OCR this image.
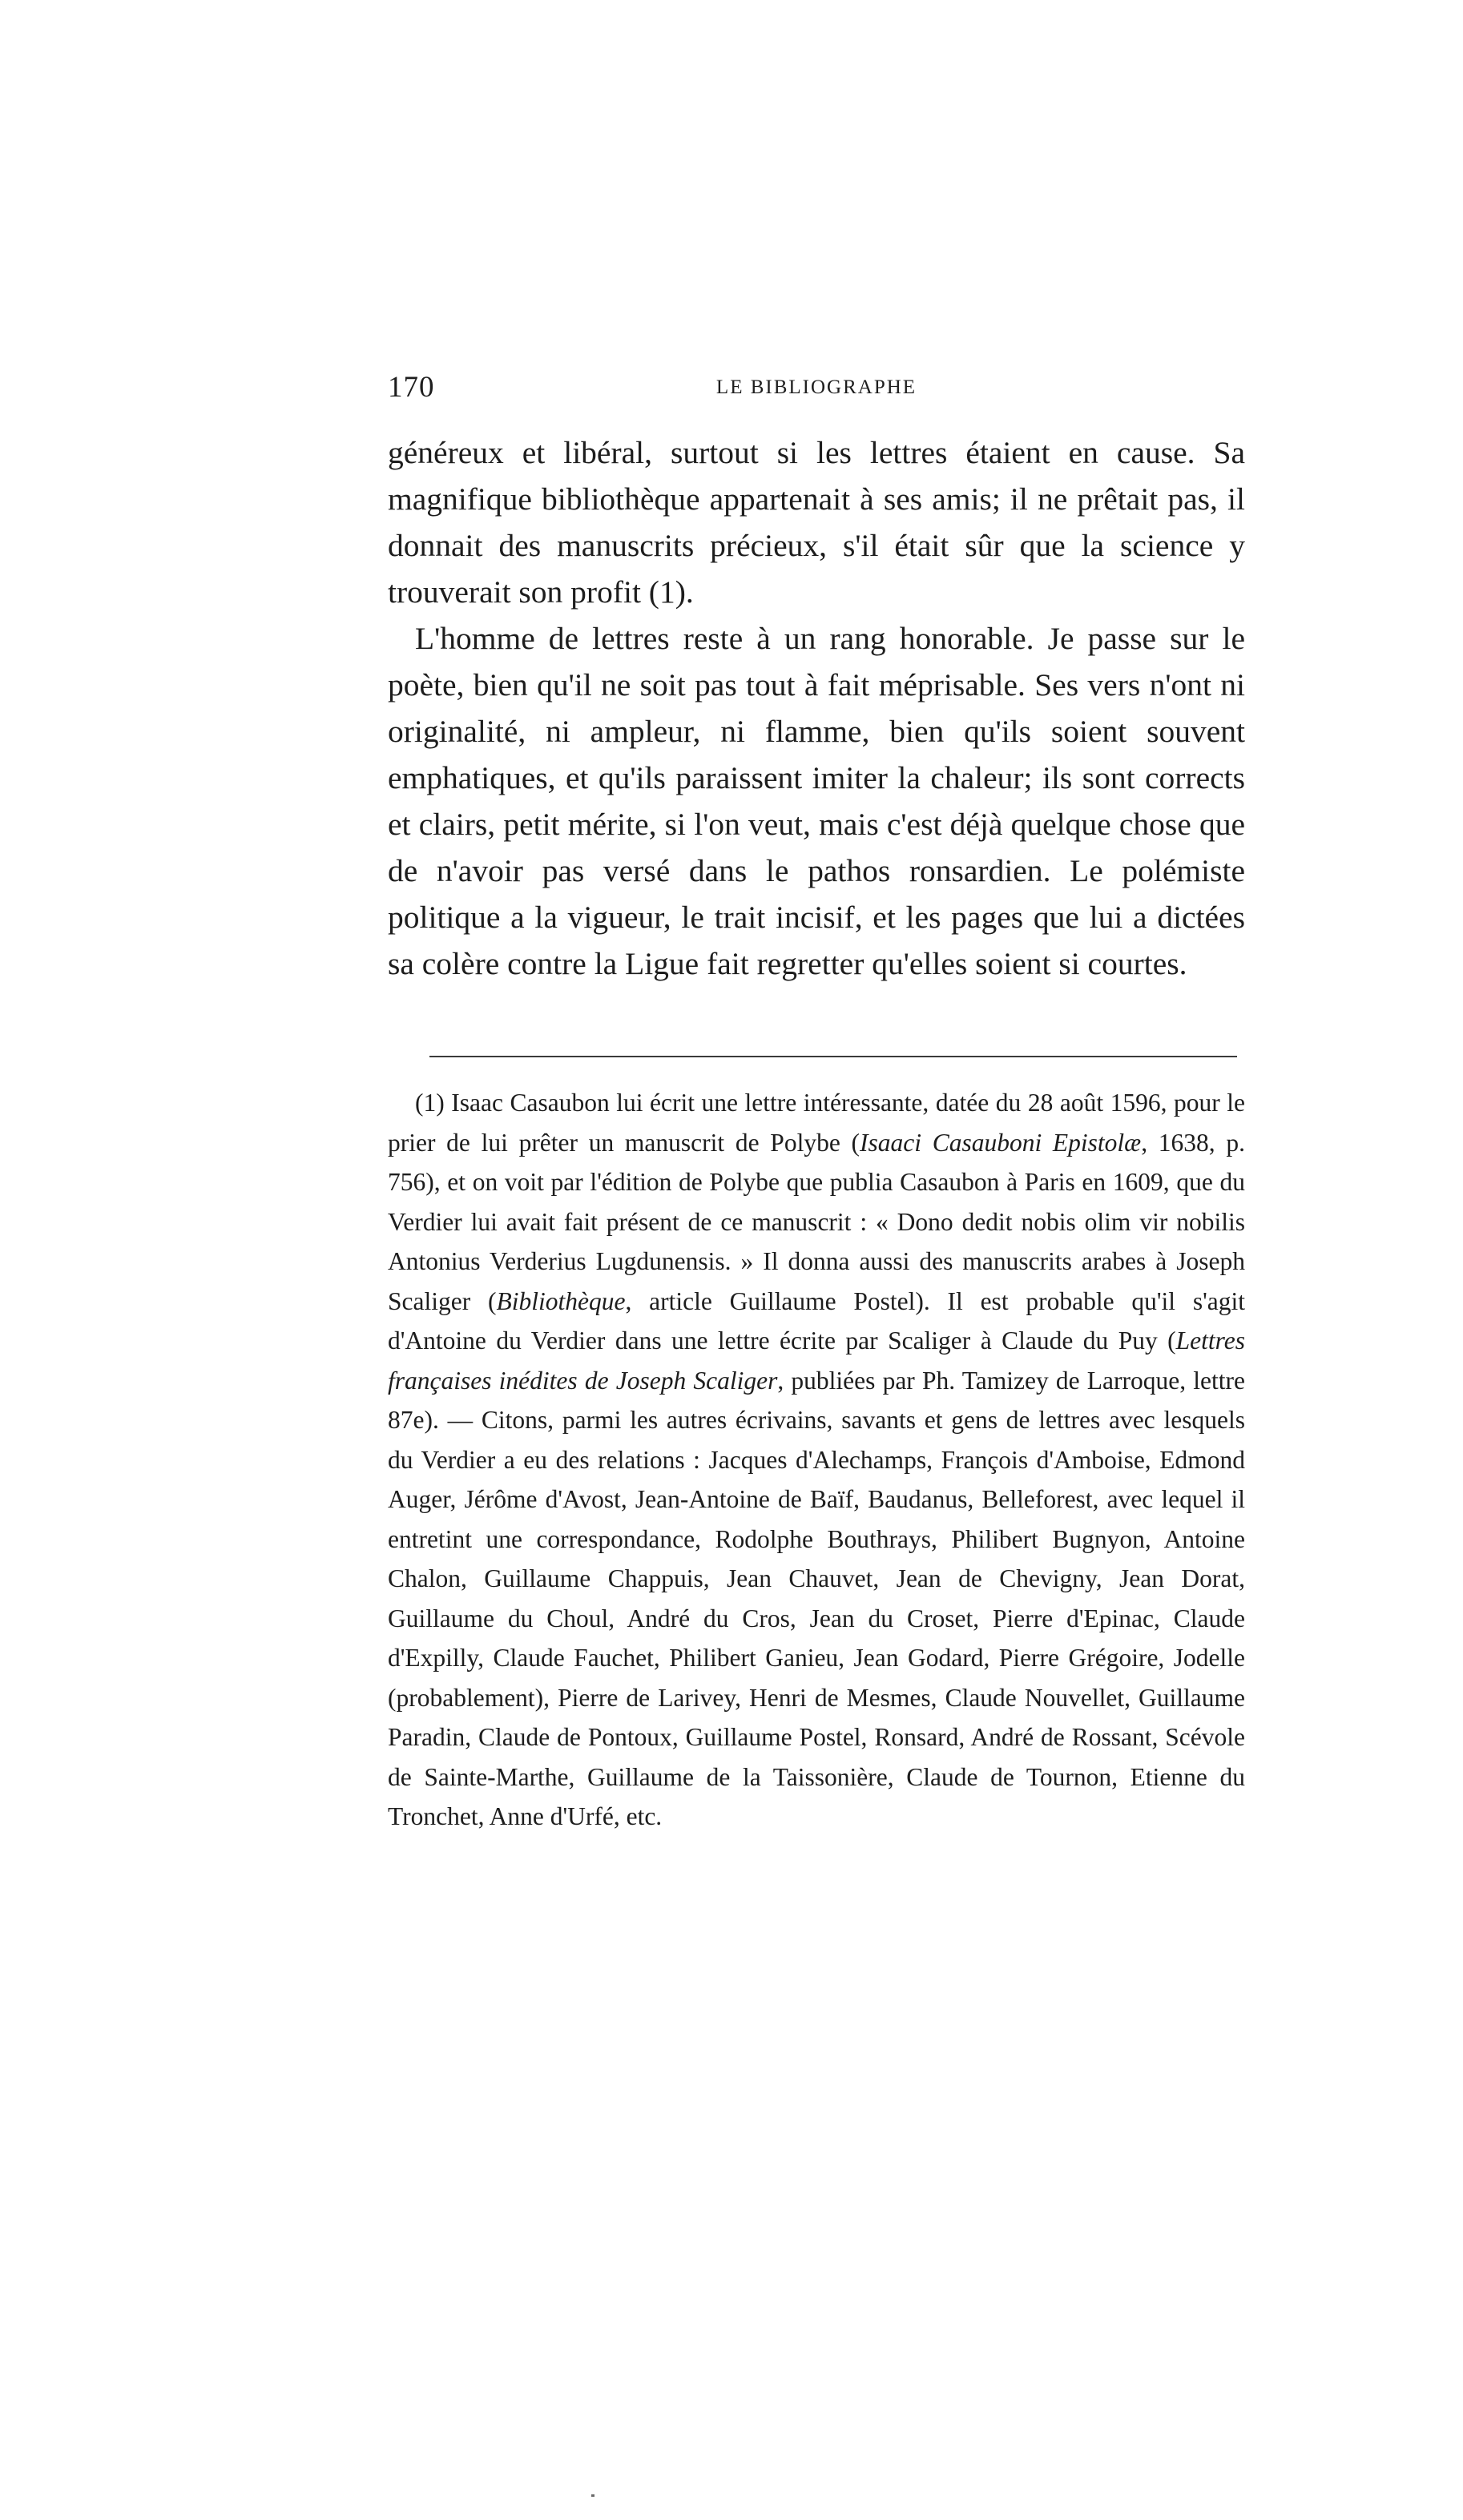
170	LE BIBLIOGRAPHE

généreux et libéral, surtout si les lettres étaient en cause. Sa magnifique bibliothèque appartenait à ses amis; il ne prêtait pas, il donnait des manuscrits précieux, s'il était sûr que la science y trouverait son profit (1).

L'homme de lettres reste à un rang honorable. Je passe sur le poète, bien qu'il ne soit pas tout à fait méprisable. Ses vers n'ont ni originalité, ni ampleur, ni flamme, bien qu'ils soient souvent emphatiques, et qu'ils paraissent imiter la chaleur; ils sont corrects et clairs, petit mérite, si l'on veut, mais c'est déjà quelque chose que de n'avoir pas versé dans le pathos ronsardien. Le polémiste politique a la vigueur, le trait incisif, et les pages que lui a dictées sa colère contre la Ligue fait regretter qu'elles soient si courtes.

(1) Isaac Casaubon lui écrit une lettre intéressante, datée du 28 août 1596, pour le prier de lui prêter un manuscrit de Polybe (Isaaci Casauboni Epistolæ, 1638, p. 756), et on voit par l'édition de Polybe que publia Casaubon à Paris en 1609, que du Verdier lui avait fait présent de ce manuscrit : « Dono dedit nobis olim vir nobilis Antonius Verderius Lugdunensis. » Il donna aussi des manuscrits arabes à Joseph Scaliger (Bibliothèque, article Guillaume Postel). Il est probable qu'il s'agit d'Antoine du Verdier dans une lettre écrite par Scaliger à Claude du Puy (Lettres françaises inédites de Joseph Scaliger, publiées par Ph. Tamizey de Larroque, lettre 87e). — Citons, parmi les autres écrivains, savants et gens de lettres avec lesquels du Verdier a eu des relations : Jacques d'Alechamps, François d'Amboise, Edmond Auger, Jérôme d'Avost, Jean-Antoine de Baïf, Baudanus, Belleforest, avec lequel il entretint une correspondance, Rodolphe Bouthrays, Philibert Bugnyon, Antoine Chalon, Guillaume Chappuis, Jean Chauvet, Jean de Chevigny, Jean Dorat, Guillaume du Choul, André du Cros, Jean du Croset, Pierre d'Epinac, Claude d'Expilly, Claude Fauchet, Philibert Ganieu, Jean Godard, Pierre Grégoire, Jodelle (probablement), Pierre de Larivey, Henri de Mesmes, Claude Nouvellet, Guillaume Paradin, Claude de Pontoux, Guillaume Postel, Ronsard, André de Rossant, Scévole de Sainte-Marthe, Guillaume de la Taissonière, Claude de Tournon, Etienne du Tronchet, Anne d'Urfé, etc.
